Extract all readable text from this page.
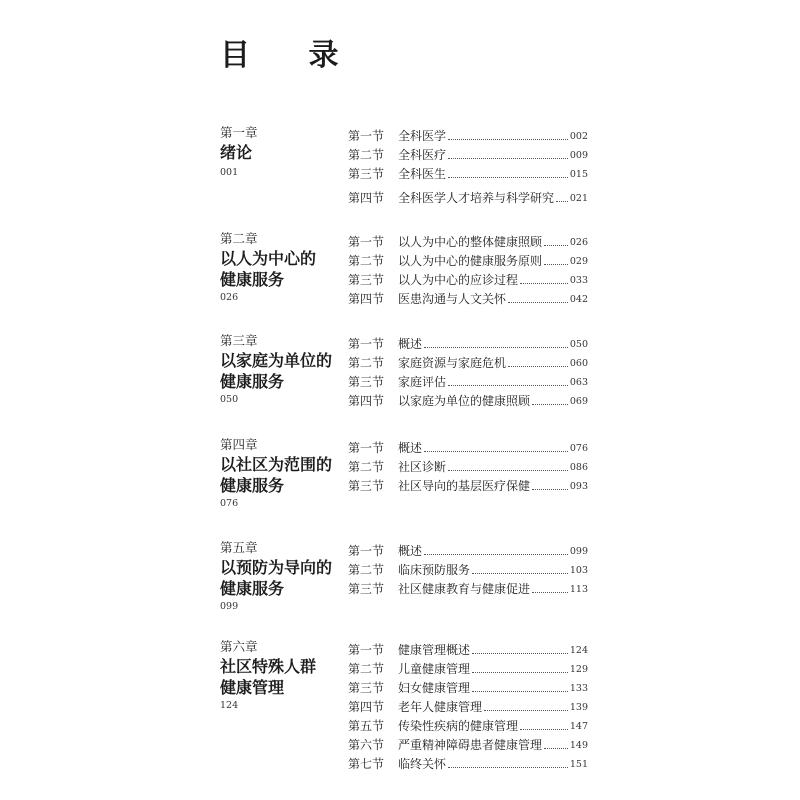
目 录
第一章
绪论
001
第一节	全科医学	002
第二节	全科医疗	009
第三节	全科医生	015
第四节	全科医学人才培养与科学研究 021
第二章
以人为中心的
健康服务
026
第一节	以人为中心的整体健康照顾	026
第二节	以人为中心的健康服务原则	029
第三节	以人为中心的应诊过程	033
第四节	医患沟通与人文关怀	042
第三章
以家庭为单位的
健康服务
050
第一节	概述	050
第二节	家庭资源与家庭危机	060
第三节	家庭评估	063
第四节	以家庭为单位的健康照顾	069
第四章
以社区为范围的
健康服务
076
第一节	概述	076
第二节	社区诊断	086
第三节	社区导向的基层医疗保健	093
第五章
以预防为导向的
健康服务
099
第一节	概述	099
第二节	临床预防服务	103
第三节	社区健康教育与健康促进	113
第六章
社区特殊人群
健康管理
124
第一节	健康管理概述	124
第二节	儿童健康管理	129
第三节	妇女健康管理	133
第四节	老年人健康管理	139
第五节	传染性疾病的健康管理	147
第六节	严重精神障碍患者健康管理	149
第七节	临终关怀	151
